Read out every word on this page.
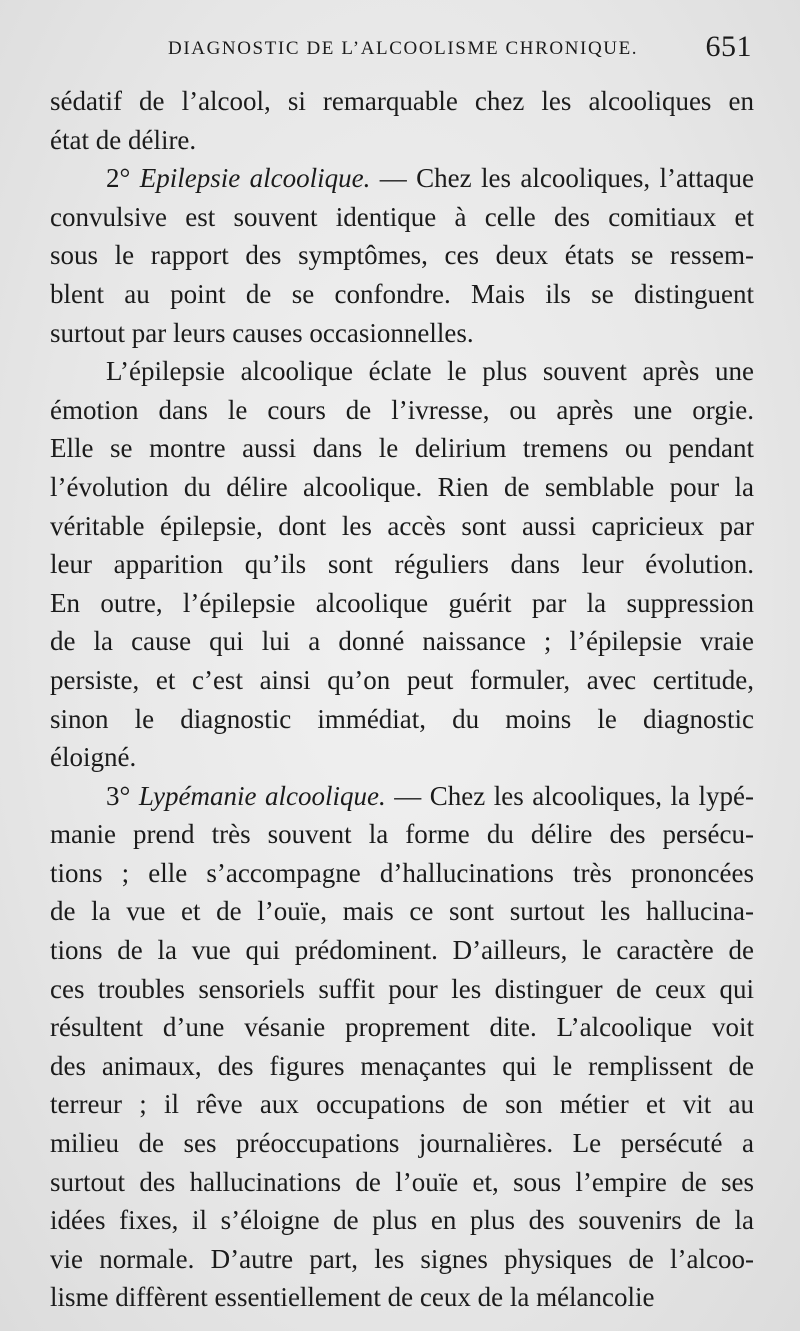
DIAGNOSTIC DE L’ALCOOLISME CHRONIQUE. 651
sédatif de l’alcool, si remarquable chez les alcooliques en
état de délire.
2° Epilepsie alcoolique. — Chez les alcooliques, l’attaque
convulsive est souvent identique à celle des comitiaux et
sous le rapport des symptômes, ces deux états se ressem-
blent au point de se confondre. Mais ils se distinguent
surtout par leurs causes occasionnelles.
L’épilepsie alcoolique éclate le plus souvent après une
émotion dans le cours de l’ivresse, ou après une orgie.
Elle se montre aussi dans le delirium tremens ou pendant
l’évolution du délire alcoolique. Rien de semblable pour la
véritable épilepsie, dont les accès sont aussi capricieux par
leur apparition qu’ils sont réguliers dans leur évolution.
En outre, l’épilepsie alcoolique guérit par la suppression
de la cause qui lui a donné naissance ; l’épilepsie vraie
persiste, et c’est ainsi qu’on peut formuler, avec certitude,
sinon le diagnostic immédiat, du moins le diagnostic
éloigné.
3° Lypémanie alcoolique. — Chez les alcooliques, la lypé-
manie prend très souvent la forme du délire des persécu-
tions ; elle s’accompagne d’hallucinations très prononcées
de la vue et de l’ouïe, mais ce sont surtout les hallucina-
tions de la vue qui prédominent. D’ailleurs, le caractère de
ces troubles sensoriels suffit pour les distinguer de ceux qui
résultent d’une vésanie proprement dite. L’alcoolique voit
des animaux, des figures menaçantes qui le remplissent de
terreur ; il rêve aux occupations de son métier et vit au
milieu de ses préoccupations journalières. Le persécuté a
surtout des hallucinations de l’ouïe et, sous l’empire de ses
idées fixes, il s’éloigne de plus en plus des souvenirs de la
vie normale. D’autre part, les signes physiques de l’alcoo-
lisme diffèrent essentiellement de ceux de la mélancolie
